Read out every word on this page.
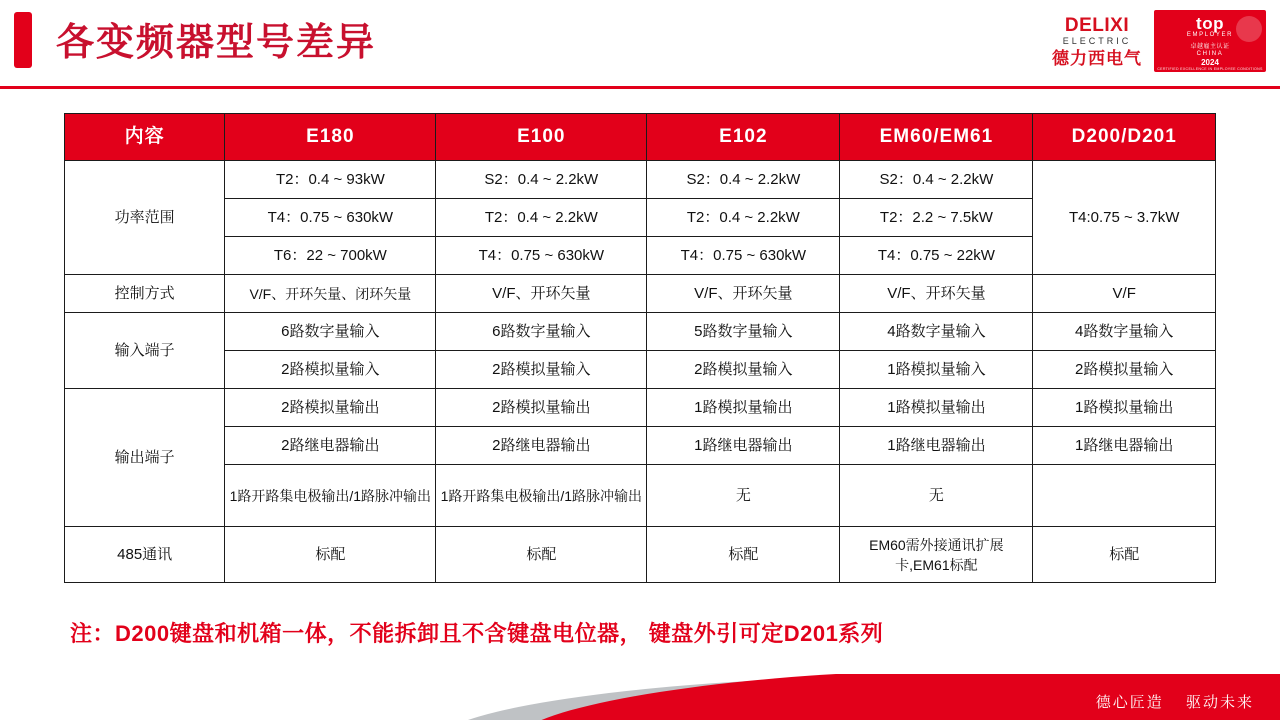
各变频器型号差异	DELIXI
ELECTRIC
德力西电气
top
EMPLOYER
卓越雇主认证
CHINA
2024
CERTIFIED EXCELLENCE IN EMPLOYEE CONDITIONS
内容	E180	E100	E102	EM60/EM61	D200/D201
功率范围	T2：0.4 ~ 93kW	S2：0.4 ~ 2.2kW	S2：0.4 ~ 2.2kW	S2：0.4 ~ 2.2kW	T4:0.75 ~ 3.7kW
	T4：0.75 ~ 630kW	T2：0.4 ~ 2.2kW	T2：0.4 ~ 2.2kW	T2：2.2 ~ 7.5kW	
	T6：22 ~ 700kW	T4：0.75 ~ 630kW	T4：0.75 ~ 630kW	T4：0.75 ~ 22kW	
控制方式	V/F、开环矢量、闭环矢量	V/F、开环矢量	V/F、开环矢量	V/F、开环矢量	V/F
输入端子	6路数字量输入	6路数字量输入	5路数字量输入	4路数字量输入	4路数字量输入
	2路模拟量输入	2路模拟量输入	2路模拟量输入	1路模拟量输入	2路模拟量输入
输出端子	2路模拟量输出	2路模拟量输出	1路模拟量输出	1路模拟量输出	1路模拟量输出
	2路继电器输出	2路继电器输出	1路继电器输出	1路继电器输出	1路继电器输出
	1路开路集电极输出/1路脉冲输出	1路开路集电极输出/1路脉冲输出	无	无	
485通讯	标配	标配	标配	EM60需外接通讯扩展卡,EM61标配	标配
注：D200键盘和机箱一体，不能拆卸且不含键盘电位器， 键盘外引可定D201系列
德心匠造 驱动未来
